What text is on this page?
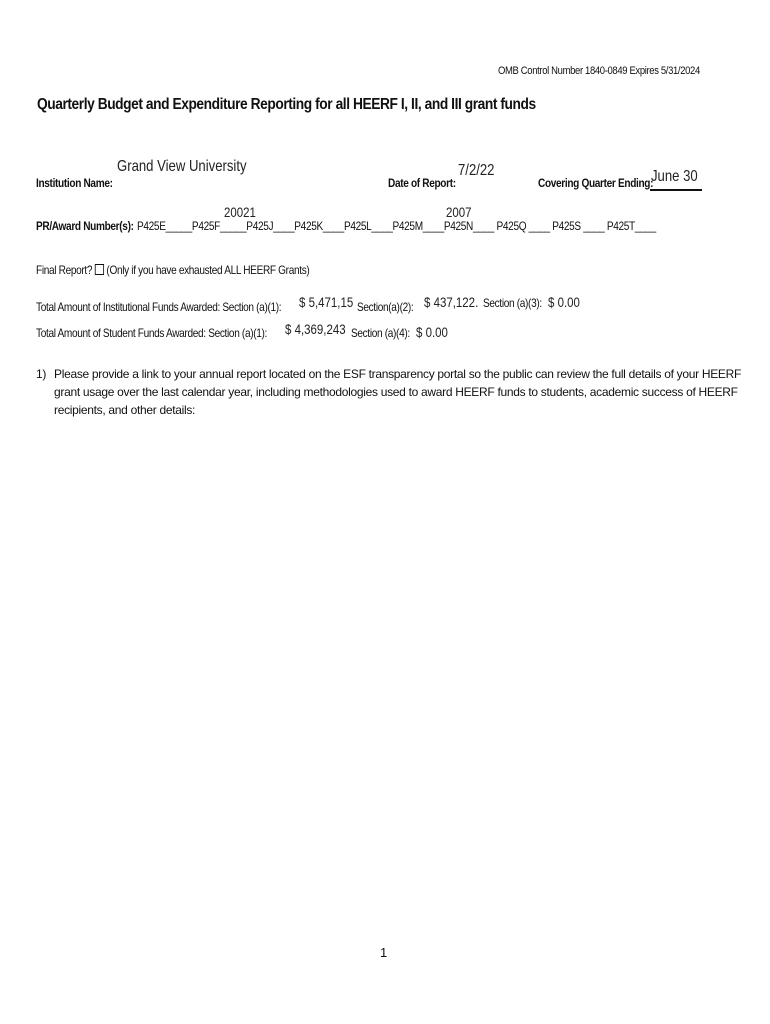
OMB Control Number 1840-0849 Expires 5/31/2024
Quarterly Budget and Expenditure Reporting for all HEERF I, II, and III grant funds
Institution Name:
Grand View University
Date of Report:
7/2/22
Covering Quarter Ending:
June 30
PR/Award Number(s): P425E_____P425F_____P425J____P425K____P425L____P425M____P425N____ P425Q ____ P425S ____ P425T____
20021	2007
Final Report? (Only if you have exhausted ALL HEERF Grants)
Total Amount of Institutional Funds Awarded: Section (a)(1): $ 5,471,15 Section(a)(2): $ 437,122. Section (a)(3): $ 0.00
Total Amount of Student Funds Awarded: Section (a)(1): $ 4,369,243 Section (a)(4): $ 0.00
1) Please provide a link to your annual report located on the ESF transparency portal so the public can review the full details of your HEERF grant usage over the last calendar year, including methodologies used to award HEERF funds to students, academic success of HEERF recipients, and other details:
1
